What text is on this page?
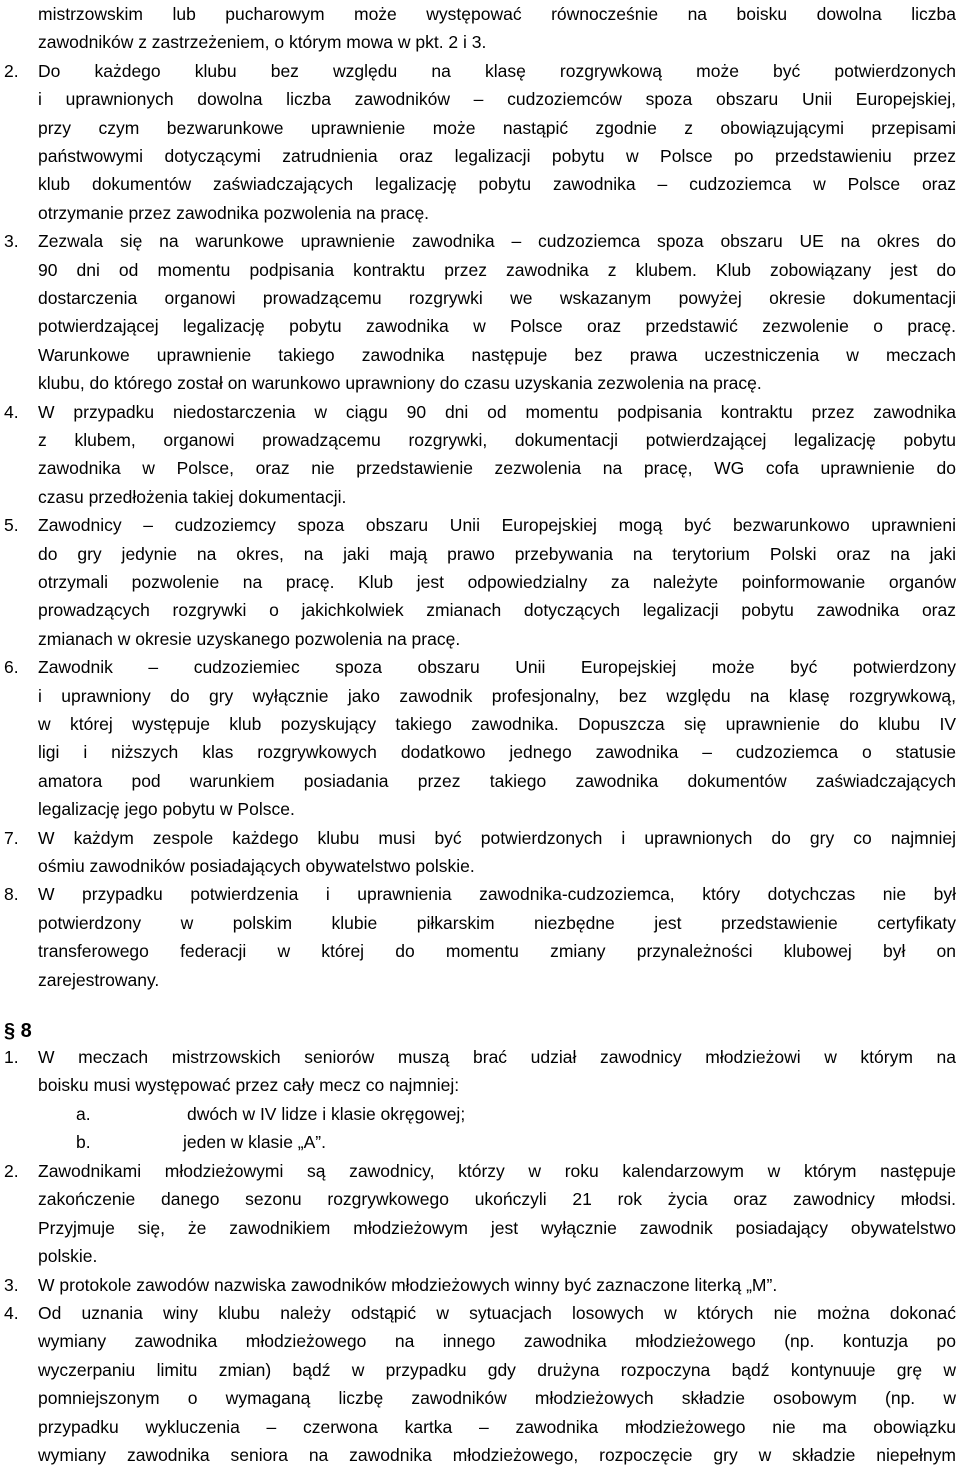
mistrzowskim lub pucharowym może występować równocześnie na boisku dowolna liczba
zawodników z zastrzeżeniem, o którym mowa w pkt. 2 i 3.
2. Do każdego klubu bez względu na klasę rozgrywkową może być potwierdzonych
i uprawnionych dowolna liczba zawodników – cudzoziemców spoza obszaru Unii Europejskiej,
przy czym bezwarunkowe uprawnienie może nastąpić zgodnie z obowiązującymi przepisami
państwowymi dotyczącymi zatrudnienia oraz legalizacji pobytu w Polsce po przedstawieniu przez
klub dokumentów zaświadczających legalizację pobytu zawodnika – cudzoziemca w Polsce oraz
otrzymanie przez zawodnika pozwolenia na pracę.
3. Zezwala się na warunkowe uprawnienie zawodnika – cudzoziemca spoza obszaru UE na okres do
90 dni od momentu podpisania kontraktu przez zawodnika z klubem. Klub zobowiązany jest do
dostarczenia organowi prowadzącemu rozgrywki we wskazanym powyżej okresie dokumentacji
potwierdzającej legalizację pobytu zawodnika w Polsce oraz przedstawić zezwolenie o pracę.
Warunkowe uprawnienie takiego zawodnika następuje bez prawa uczestniczenia w meczach
klubu, do którego został on warunkowo uprawniony do czasu uzyskania zezwolenia na pracę.
4. W przypadku niedostarczenia w ciągu 90 dni od momentu podpisania kontraktu przez zawodnika
z klubem, organowi prowadzącemu rozgrywki, dokumentacji potwierdzającej legalizację pobytu
zawodnika w Polsce, oraz nie przedstawienie zezwolenia na pracę, WG cofa uprawnienie do
czasu przedłożenia takiej dokumentacji.
5. Zawodnicy – cudzoziemcy spoza obszaru Unii Europejskiej mogą być bezwarunkowo uprawnieni
do gry jedynie na okres, na jaki mają prawo przebywania na terytorium Polski oraz na jaki
otrzymali pozwolenie na pracę. Klub jest odpowiedzialny za należyte poinformowanie organów
prowadzących rozgrywki o jakichkolwiek zmianach dotyczących legalizacji pobytu zawodnika oraz
zmianach w okresie uzyskanego pozwolenia na pracę.
6. Zawodnik – cudzoziemiec spoza obszaru Unii Europejskiej może być potwierdzony
i uprawniony do gry wyłącznie jako zawodnik profesjonalny, bez względu na klasę rozgrywkową,
w której występuje klub pozyskujący takiego zawodnika. Dopuszcza się uprawnienie do klubu IV
ligi i niższych klas rozgrywkowych dodatkowo jednego zawodnika – cudzoziemca o statusie
amatora pod warunkiem posiadania przez takiego zawodnika dokumentów zaświadczających
legalizację jego pobytu w Polsce.
7. W każdym zespole każdego klubu musi być potwierdzonych i uprawnionych do gry co najmniej
ośmiu zawodników posiadających obywatelstwo polskie.
8. W przypadku potwierdzenia i uprawnienia zawodnika-cudzoziemca, który dotychczas nie był
potwierdzony w polskim klubie piłkarskim niezbędne jest przedstawienie certyfikaty
transferowego federacji w której do momentu zmiany przynależności klubowej był on
zarejestrowany.
§ 8
1. W meczach mistrzowskich seniorów muszą brać udział zawodnicy młodzieżowi w którym na
boisku musi występować przez cały mecz co najmniej:
a.	dwóch w IV lidze i klasie okręgowej;
b.	jeden w klasie „A”.
2. Zawodnikami młodzieżowymi są zawodnicy, którzy w roku kalendarzowym w którym następuje
zakończenie danego sezonu rozgrywkowego ukończyli 21 rok życia oraz zawodnicy młodsi.
Przyjmuje się, że zawodnikiem młodzieżowym jest wyłącznie zawodnik posiadający obywatelstwo
polskie.
3. W protokole zawodów nazwiska zawodników młodzieżowych winny być zaznaczone literką „M”.
4. Od uznania winy klubu należy odstąpić w sytuacjach losowych w których nie można dokonać
wymiany zawodnika młodzieżowego na innego zawodnika młodzieżowego (np. kontuzja po
wyczerpaniu limitu zmian) bądź w przypadku gdy drużyna rozpoczyna bądź kontynuuje grę w
pomniejszonym o wymaganą liczbę zawodników młodzieżowych składzie osobowym (np. w
przypadku wykluczenia – czerwona kartka – zawodnika młodzieżowego nie ma obowiązku
wymiany zawodnika seniora na zawodnika młodzieżowego, rozpoczęcie gry w składzie niepełnym
